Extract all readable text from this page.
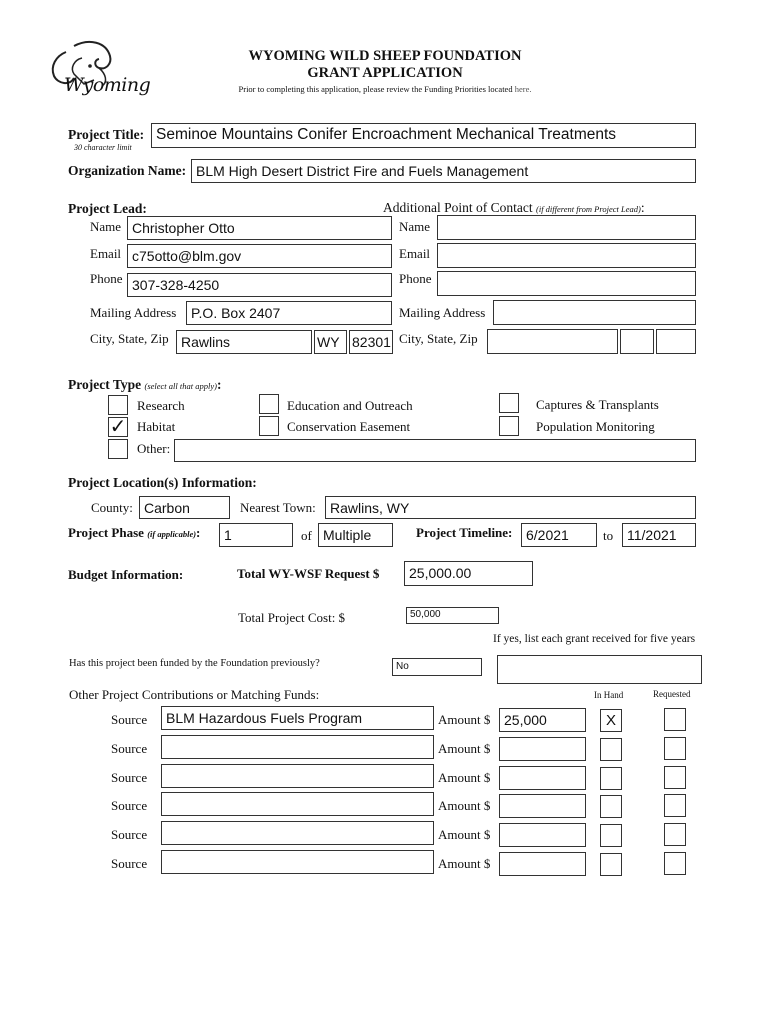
Wyoming
WYOMING WILD SHEEP FOUNDATION
GRANT APPLICATION
Prior to completing this application, please review the Funding Priorities located here.
Project Title:
30 character limit
Seminoe Mountains Conifer Encroachment Mechanical Treatments
Organization Name: BLM High Desert District Fire and Fuels Management
Project Lead:
Name Christopher Otto
Email c75otto@blm.gov
Phone 307-328-4250
Mailing Address	P.O. Box 2407
City, State, Zip Rawlins	WY 82301
Additional Point of Contact (if different from Project Lead):
Name
Email
Phone
Mailing Address
City, State, Zip
Project Type (select all that apply):
Research
✓ Habitat
Other:
Education and Outreach
Conservation Easement
Captures & Transplants
Population Monitoring
Project Location(s) Information:
County: Carbon	Nearest Town:	Rawlins, WY
Project Phase (if applicable):	1	of Multiple	Project Timeline: 6/2021	to 11/2021
Budget Information:	Total WY-WSF Request $	25,000.00
Total Project Cost: $	50,000
If yes, list each grant received for five years
Has this project been funded by the Foundation previously?	No
Other Project Contributions or Matching Funds:	In Hand	Requested
Source	BLM Hazardous Fuels Program	Amount $ 25,000	X
Source	Amount $
Source	Amount $
Source	Amount $
Source	Amount $
Source	Amount $
